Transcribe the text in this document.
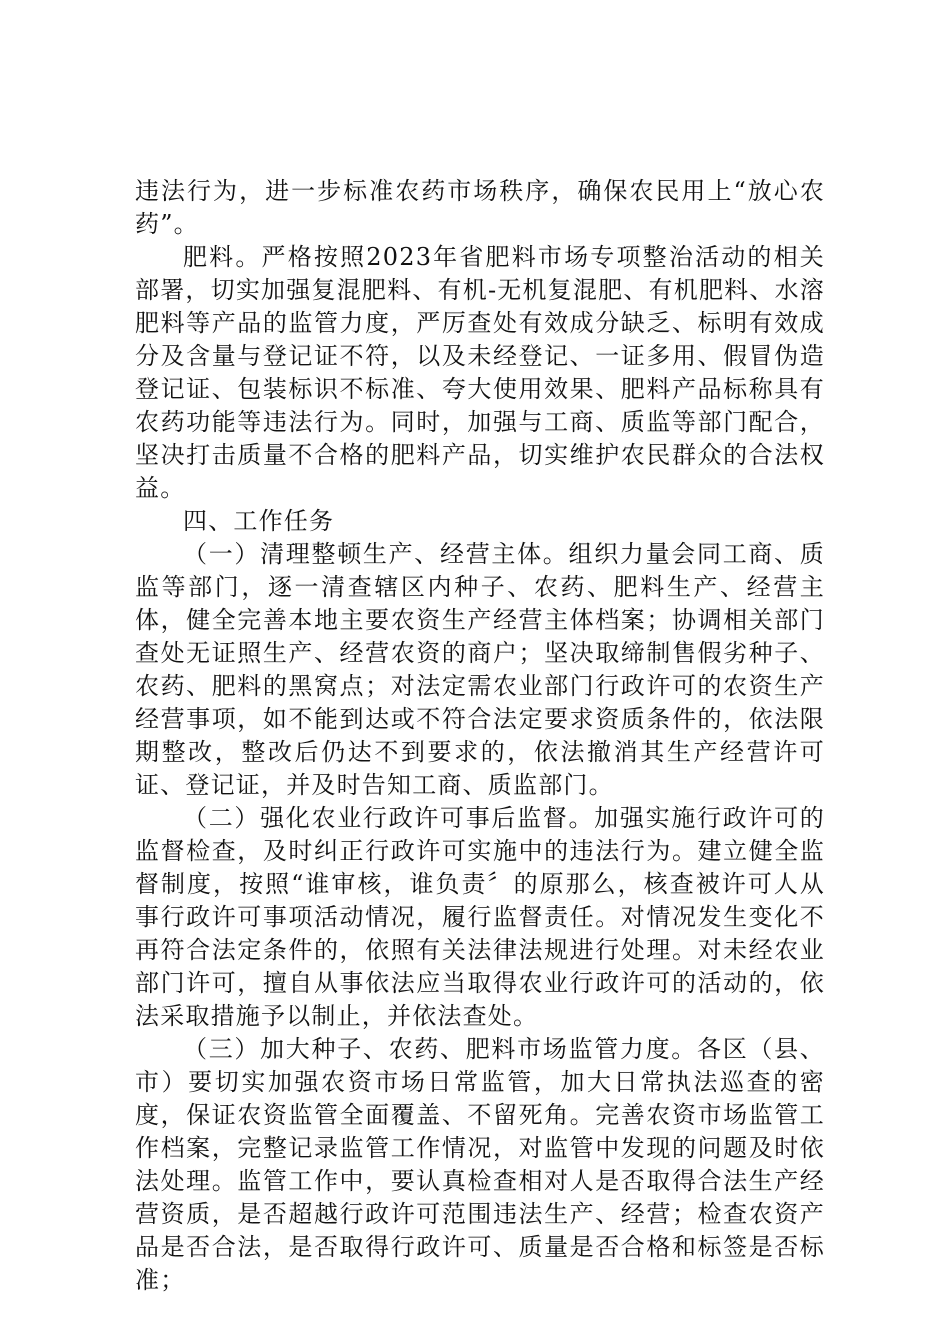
违法行为，进一步标准农药市场秩序，确保农民用上“放心农药”。

肥料。严格按照2023年省肥料市场专项整治活动的相关部署，切实加强复混肥料、有机-无机复混肥、有机肥料、水溶肥料等产品的监管力度，严厉查处有效成分缺乏、标明有效成分及含量与登记证不符，以及未经登记、一证多用、假冒伪造登记证、包装标识不标准、夸大使用效果、肥料产品标称具有农药功能等违法行为。同时，加强与工商、质监等部门配合，坚决打击质量不合格的肥料产品，切实维护农民群众的合法权益。

四、工作任务

（一）清理整顿生产、经营主体。组织力量会同工商、质监等部门，逐一清查辖区内种子、农药、肥料生产、经营主体，健全完善本地主要农资生产经营主体档案；协调相关部门查处无证照生产、经营农资的商户；坚决取缔制售假劣种子、农药、肥料的黑窝点；对法定需农业部门行政许可的农资生产经营事项，如不能到达或不符合法定要求资质条件的，依法限期整改，整改后仍达不到要求的，依法撤消其生产经营许可证、登记证，并及时告知工商、质监部门。

（二）强化农业行政许可事后监督。加强实施行政许可的监督检查，及时纠正行政许可实施中的违法行为。建立健全监督制度，按照“谁审核，谁负责〞的原那么，核查被许可人从事行政许可事项活动情况，履行监督责任。对情况发生变化不再符合法定条件的，依照有关法律法规进行处理。对未经农业部门许可，擅自从事依法应当取得农业行政许可的活动的，依法采取措施予以制止，并依法查处。

（三）加大种子、农药、肥料市场监管力度。各区（县、市）要切实加强农资市场日常监管，加大日常执法巡查的密度，保证农资监管全面覆盖、不留死角。完善农资市场监管工作档案，完整记录监管工作情况，对监管中发现的问题及时依法处理。监管工作中，要认真检查相对人是否取得合法生产经营资质，是否超越行政许可范围违法生产、经营；检查农资产品是否合法，是否取得行政许可、质量是否合格和标签是否标准；
